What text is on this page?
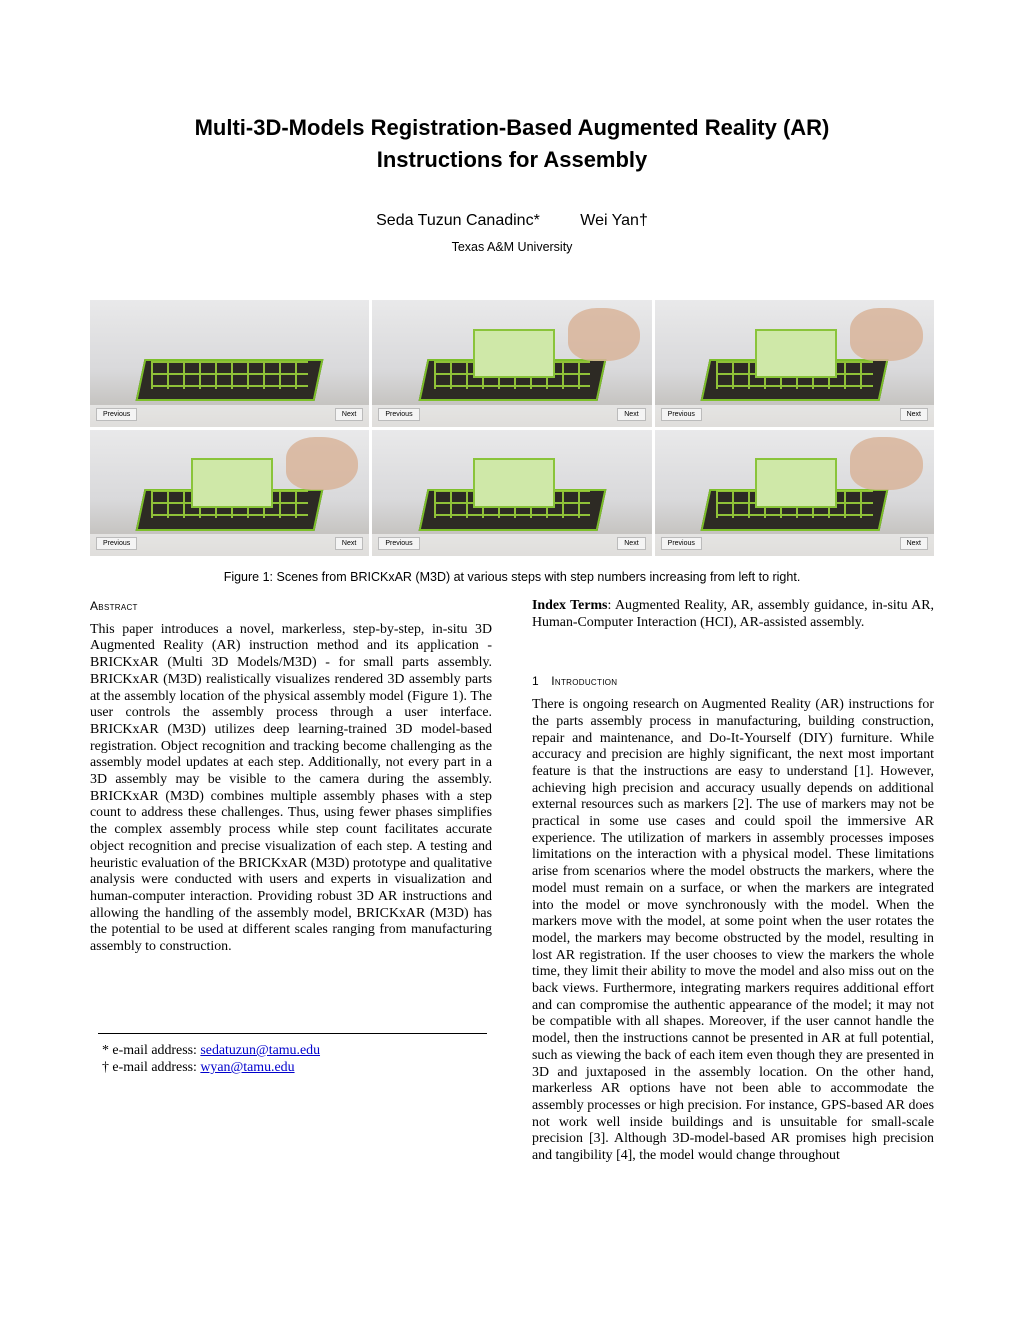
Multi-3D-Models Registration-Based Augmented Reality (AR)
Instructions for Assembly
Seda Tuzun Canadinc*	Wei Yan†
Texas A&M University
Previous	Next	Previous	Next	Previous	Next
Previous	Next	Previous	Next	Previous	Next
Figure 1: Scenes from BRICKxAR (M3D) at various steps with step numbers increasing from left to right.
Abstract

This paper introduces a novel, markerless, step-by-step, in-situ 3D Augmented Reality (AR) instruction method and its application - BRICKxAR (Multi 3D Models/M3D) - for small parts assembly. BRICKxAR (M3D) realistically visualizes rendered 3D assembly parts at the assembly location of the physical assembly model (Figure 1). The user controls the assembly process through a user interface. BRICKxAR (M3D) utilizes deep learning-trained 3D model-based registration. Object recognition and tracking become challenging as the assembly model updates at each step. Additionally, not every part in a 3D assembly may be visible to the camera during the assembly. BRICKxAR (M3D) combines multiple assembly phases with a step count to address these challenges. Thus, using fewer phases simplifies the complex assembly process while step count facilitates accurate object recognition and precise visualization of each step. A testing and heuristic evaluation of the BRICKxAR (M3D) prototype and qualitative analysis were conducted with users and experts in visualization and human-computer interaction. Providing robust 3D AR instructions and allowing the handling of the assembly model, BRICKxAR (M3D) has the potential to be used at different scales ranging from manufacturing assembly to construction.

* e-mail address: sedatuzun@tamu.edu
† e-mail address: wyan@tamu.edu

Index Terms: Augmented Reality, AR, assembly guidance, in-situ AR, Human-Computer Interaction (HCI), AR-assisted assembly.

1 Introduction

There is ongoing research on Augmented Reality (AR) instructions for the parts assembly process in manufacturing, building construction, repair and maintenance, and Do-It-Yourself (DIY) furniture. While accuracy and precision are highly significant, the next most important feature is that the instructions are easy to understand [1]. However, achieving high precision and accuracy usually depends on additional external resources such as markers [2]. The use of markers may not be practical in some use cases and could spoil the immersive AR experience. The utilization of markers in assembly processes imposes limitations on the interaction with a physical model. These limitations arise from scenarios where the model obstructs the markers, where the model must remain on a surface, or when the markers are integrated into the model or move synchronously with the model. When the markers move with the model, at some point when the user rotates the model, the markers may become obstructed by the model, resulting in lost AR registration. If the user chooses to view the markers the whole time, they limit their ability to move the model and also miss out on the back views. Furthermore, integrating markers requires additional effort and can compromise the authentic appearance of the model; it may not be compatible with all shapes. Moreover, if the user cannot handle the model, then the instructions cannot be presented in AR at full potential, such as viewing the back of each item even though they are presented in 3D and juxtaposed in the assembly location. On the other hand, markerless AR options have not been able to accommodate the assembly processes or high precision. For instance, GPS-based AR does not work well inside buildings and is unsuitable for small-scale precision [3]. Although 3D-model-based AR promises high precision and tangibility [4], the model would change throughout
